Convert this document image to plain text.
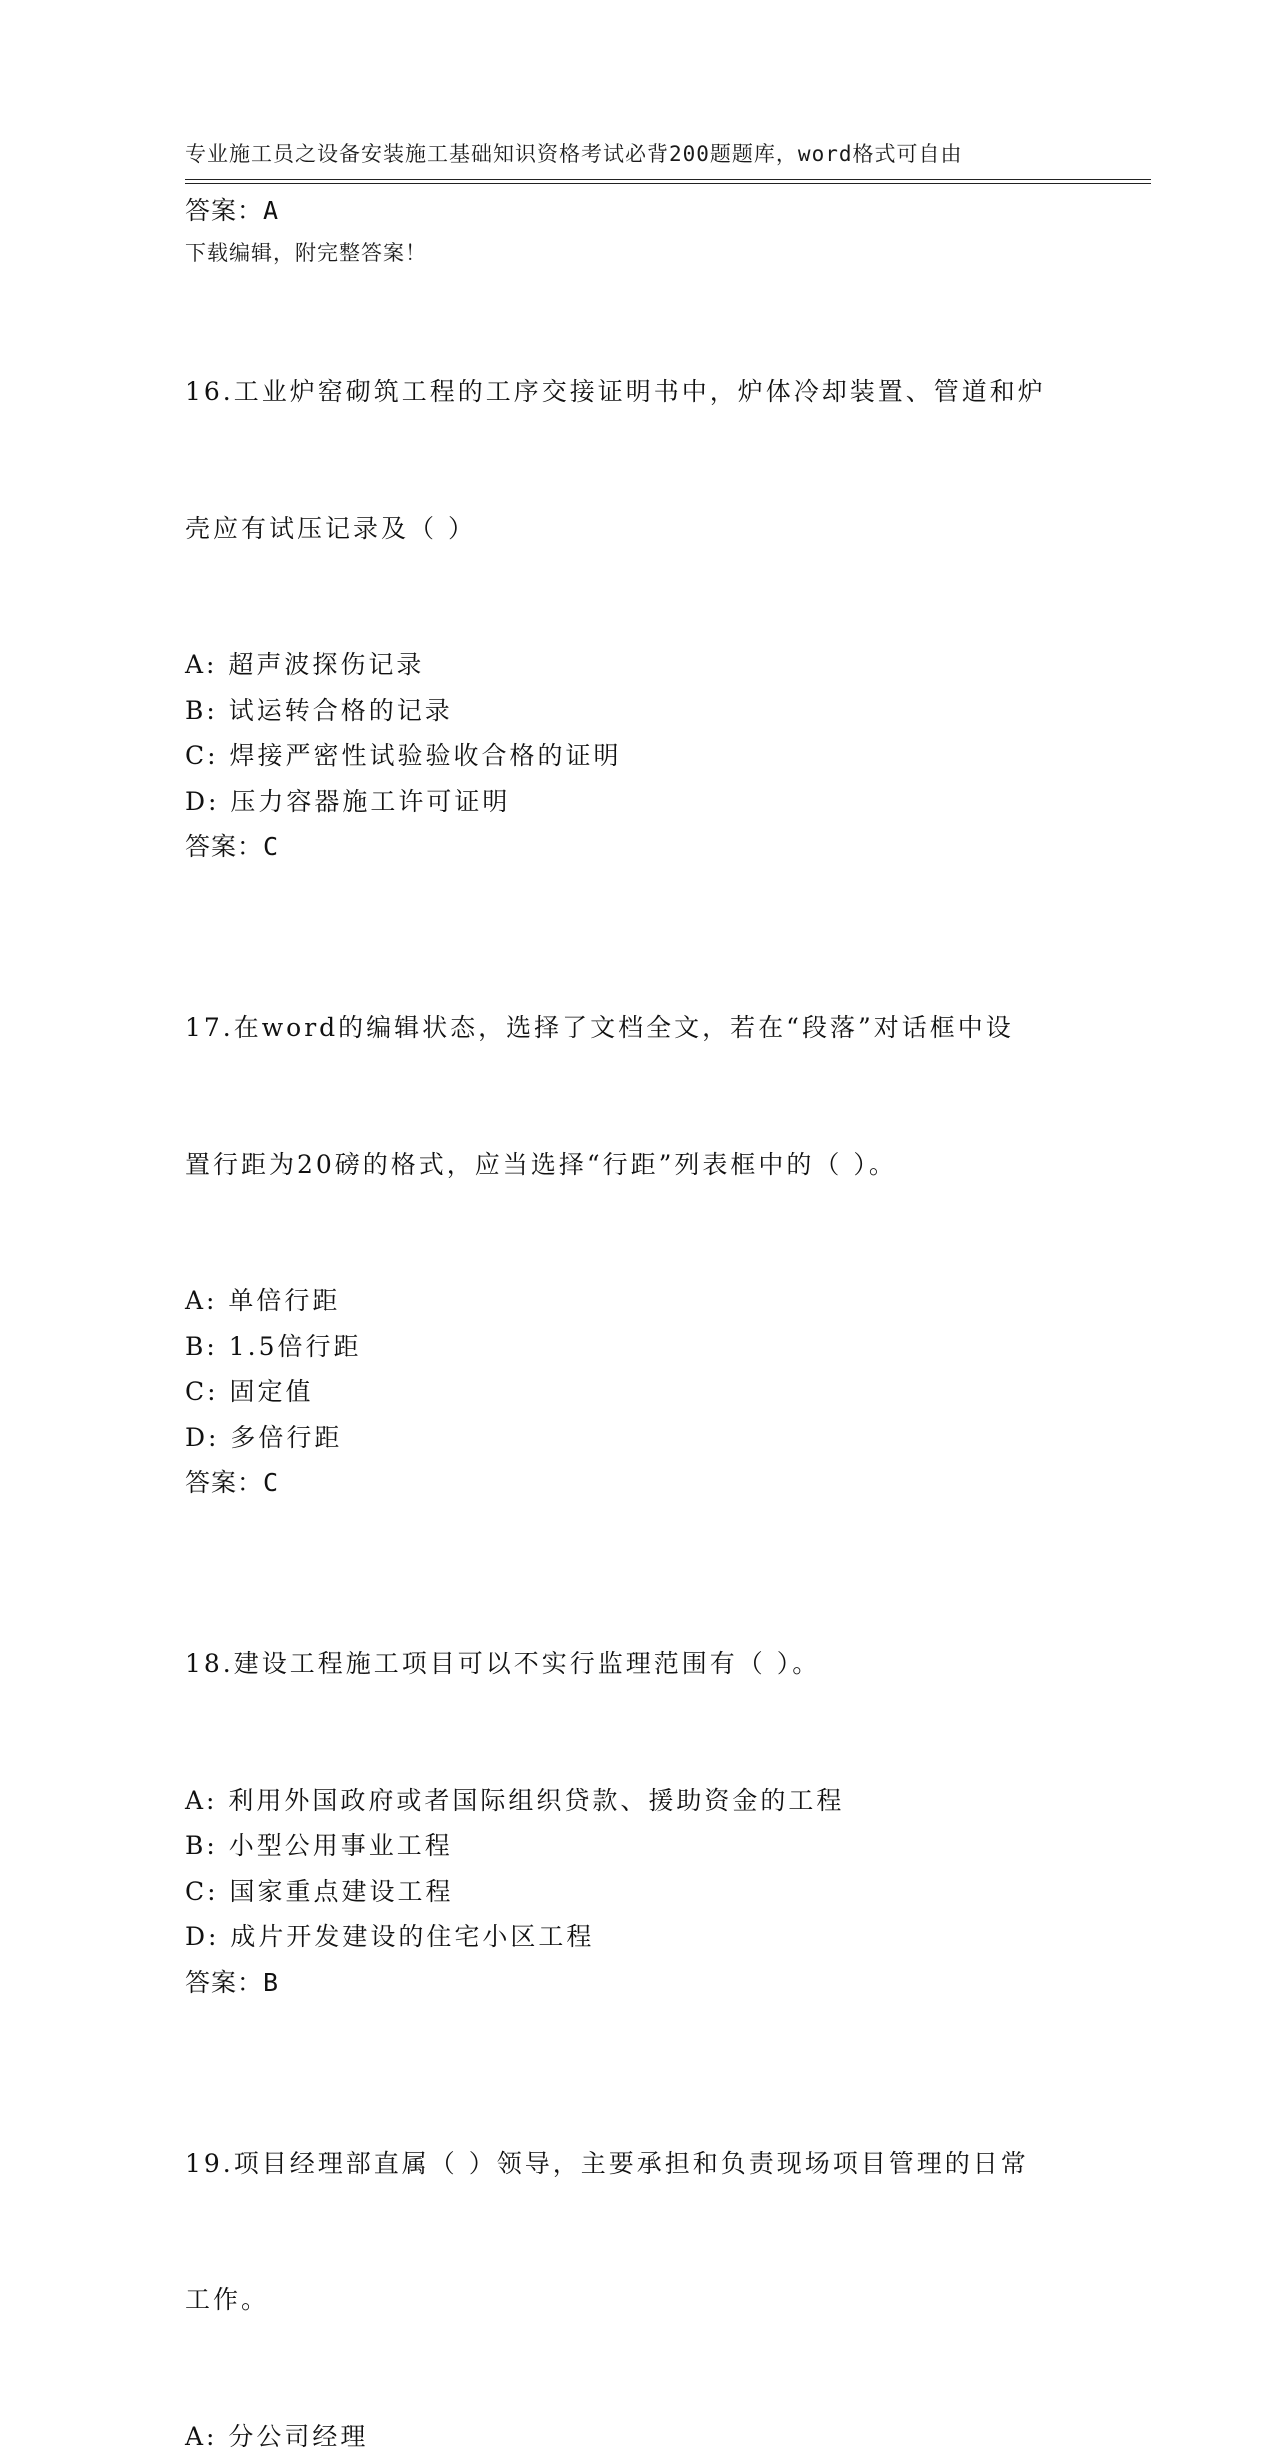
专业施工员之设备安装施工基础知识资格考试必背200题题库，word格式可自由

下载编辑，附完整答案！

答案：A

16.工业炉窑砌筑工程的工序交接证明书中，炉体冷却装置、管道和炉

壳应有试压记录及（ ）

A: 超声波探伤记录
B: 试运转合格的记录
C: 焊接严密性试验验收合格的证明
D: 压力容器施工许可证明
答案：C

17.在word的编辑状态，选择了文档全文，若在“段落”对话框中设

置行距为20磅的格式，应当选择“行距”列表框中的（ ）。

A: 单倍行距
B: 1.5倍行距
C: 固定值
D: 多倍行距
答案：C

18.建设工程施工项目可以不实行监理范围有（ ）。

A: 利用外国政府或者国际组织贷款、援助资金的工程
B: 小型公用事业工程
C: 国家重点建设工程
D: 成片开发建设的住宅小区工程
答案：B

19.项目经理部直属（ ）领导，主要承担和负责现场项目管理的日常

工作。

A: 分公司经理
